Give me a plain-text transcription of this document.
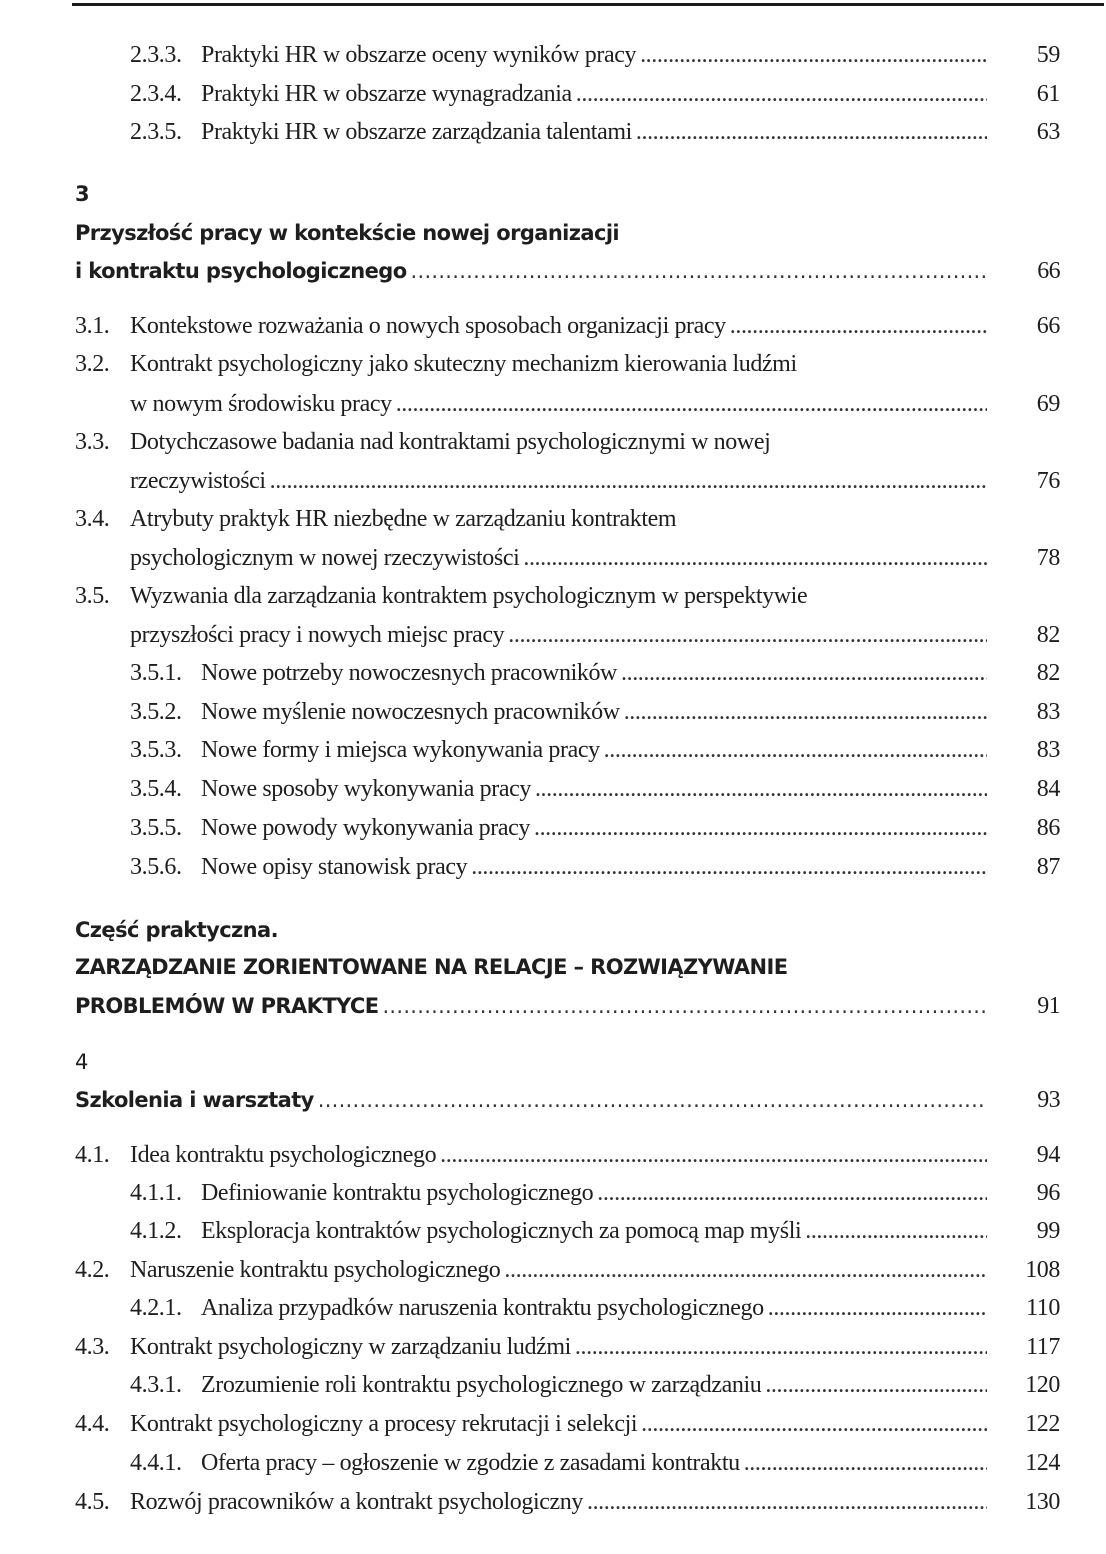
2.3.3. Praktyki HR w obszarze oceny wyników pracy . . .	59
2.3.4. Praktyki HR w obszarze wynagradzania . . .	61
2.3.5. Praktyki HR w obszarze zarządzania talentami . . .	63
3
Przyszłość pracy w kontekście nowej organizacji
i kontraktu psychologicznego . . .	66
3.1. Kontekstowe rozważania o nowych sposobach organizacji pracy . . .	66
3.2. Kontrakt psychologiczny jako skuteczny mechanizm kierowania ludźmi
w nowym środowisku pracy . . .	69
3.3. Dotychczasowe badania nad kontraktami psychologicznymi w nowej
rzeczywistości . . .	76
3.4. Atrybuty praktyk HR niezbędne w zarządzaniu kontraktem
psychologicznym w nowej rzeczywistości . . .	78
3.5. Wyzwania dla zarządzania kontraktem psychologicznym w perspektywie
przyszłości pracy i nowych miejsc pracy . . .	82
3.5.1. Nowe potrzeby nowoczesnych pracowników . . .	82
3.5.2. Nowe myślenie nowoczesnych pracowników . . .	83
3.5.3. Nowe formy i miejsca wykonywania pracy . . .	83
3.5.4. Nowe sposoby wykonywania pracy . . .	84
3.5.5. Nowe powody wykonywania pracy . . .	86
3.5.6. Nowe opisy stanowisk pracy . . .	87
Część praktyczna.
ZARZĄDZANIE ZORIENTOWANE NA RELACJE – ROZWIĄZYWANIE
PROBLEMÓW W PRAKTYCE . . .	91
4
Szkolenia i warsztaty . . .	93
4.1. Idea kontraktu psychologicznego . . .	94
4.1.1. Definiowanie kontraktu psychologicznego . . .	96
4.1.2. Eksploracja kontraktów psychologicznych za pomocą map myśli . . .	99
4.2. Naruszenie kontraktu psychologicznego . . .	108
4.2.1. Analiza przypadków naruszenia kontraktu psychologicznego . . .	110
4.3. Kontrakt psychologiczny w zarządzaniu ludźmi . . .	117
4.3.1. Zrozumienie roli kontraktu psychologicznego w zarządzaniu . . .	120
4.4. Kontrakt psychologiczny a procesy rekrutacji i selekcji . . .	122
4.4.1. Oferta pracy – ogłoszenie w zgodzie z zasadami kontraktu . . .	124
4.5. Rozwój pracowników a kontrakt psychologiczny . . .	130
